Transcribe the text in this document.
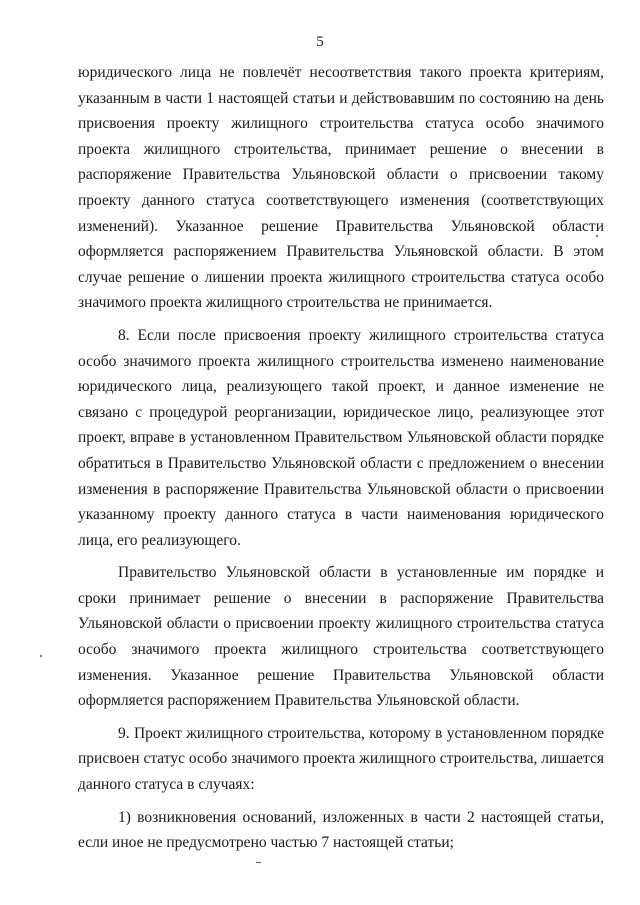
5

юридического лица не повлечёт несоответствия такого проекта критериям, указанным в части 1 настоящей статьи и действовавшим по состоянию на день присвоения проекту жилищного строительства статуса особо значимого проекта жилищного строительства, принимает решение о внесении в распоряжение Правительства Ульяновской области о присвоении такому проекту данного статуса соответствующего изменения (соответствующих изменений). Указанное решение Правительства Ульяновской области оформляется распоряжением Правительства Ульяновской области. В этом случае решение о лишении проекта жилищного строительства статуса особо значимого проекта жилищного строительства не принимается.

8. Если после присвоения проекту жилищного строительства статуса особо значимого проекта жилищного строительства изменено наименование юридического лица, реализующего такой проект, и данное изменение не связано с процедурой реорганизации, юридическое лицо, реализующее этот проект, вправе в установленном Правительством Ульяновской области порядке обратиться в Правительство Ульяновской области с предложением о внесении изменения в распоряжение Правительства Ульяновской области о присвоении указанному проекту данного статуса в части наименования юридического лица, его реализующего.

Правительство Ульяновской области в установленные им порядке и сроки принимает решение о внесении в распоряжение Правительства Ульяновской области о присвоении проекту жилищного строительства статуса особо значимого проекта жилищного строительства соответствующего изменения. Указанное решение Правительства Ульяновской области оформляется распоряжением Правительства Ульяновской области.

9. Проект жилищного строительства, которому в установленном порядке присвоен статус особо значимого проекта жилищного строительства, лишается данного статуса в случаях:

1) возникновения оснований, изложенных в части 2 настоящей статьи, если иное не предусмотрено частью 7 настоящей статьи;
